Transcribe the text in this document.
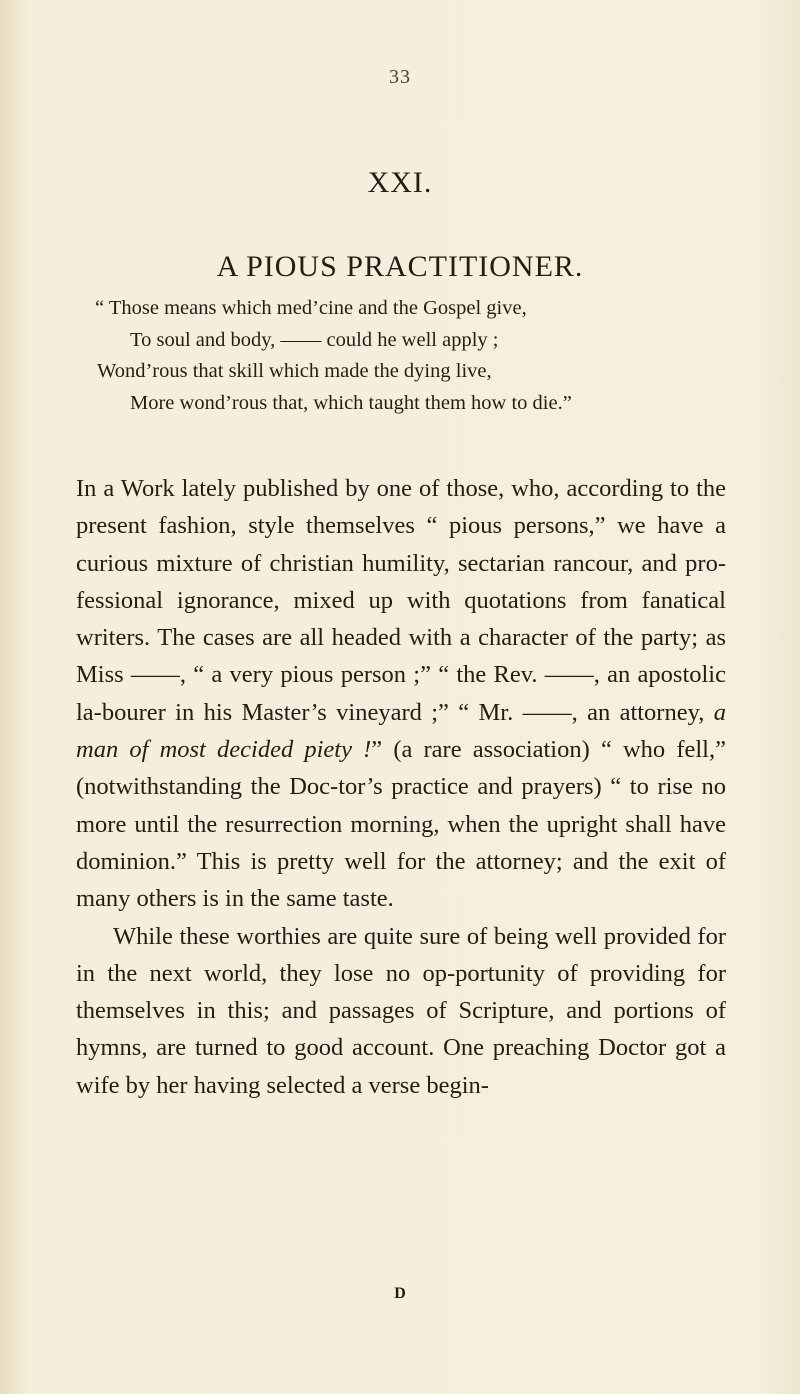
33
XXI.
A PIOUS PRACTITIONER.
“ Those means which med’cine and the Gospel give,
To soul and body, —— could he well apply ;
Wond’rous that skill which made the dying live,
More wond’rous that, which taught them how to die.”

In a Work lately published by one of those, who, according to the present fashion, style themselves “ pious persons,” we have a curious mixture of christian humility, sectarian rancour, and pro-fessional ignorance, mixed up with quotations from fanatical writers. The cases are all headed with a character of the party; as Miss ——, “ a very pious person ;” “ the Rev. ——, an apostolic la-bourer in his Master’s vineyard ;” “ Mr. ——, an attorney, a man of most decided piety !” (a rare association) “ who fell,” (notwithstanding the Doc-tor’s practice and prayers) “ to rise no more until the resurrection morning, when the upright shall have dominion.” This is pretty well for the attorney; and the exit of many others is in the same taste.

While these worthies are quite sure of being well provided for in the next world, they lose no op-portunity of providing for themselves in this; and passages of Scripture, and portions of hymns, are turned to good account. One preaching Doctor got a wife by her having selected a verse begin-

D
